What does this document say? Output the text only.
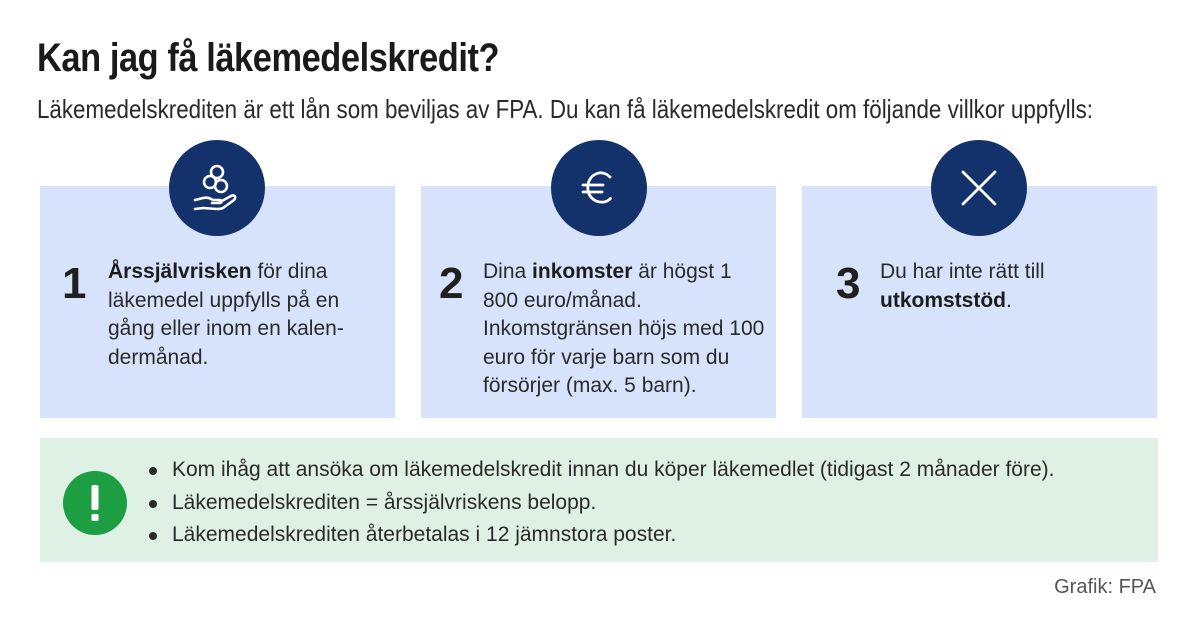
Kan jag få läkemedelskredit?
Läkemedelskrediten är ett lån som beviljas av FPA. Du kan få läkemedelskredit om följande villkor uppfylls:
1 Årssjälvrisken för dina läkemedel uppfylls på en gång eller inom en kalen-dermånad.
2 Dina inkomster är högst 1 800 euro/månad. Inkomstgränsen höjs med 100 euro för varje barn som du försörjer (max. 5 barn).
3 Du har inte rätt till utkomststöd.
Kom ihåg att ansöka om läkemedelskredit innan du köper läkemedlet (tidigast 2 månader före).
Läkemedelskrediten = årssjälvriskens belopp.
Läkemedelskrediten återbetalas i 12 jämnstora poster.
Grafik: FPA
